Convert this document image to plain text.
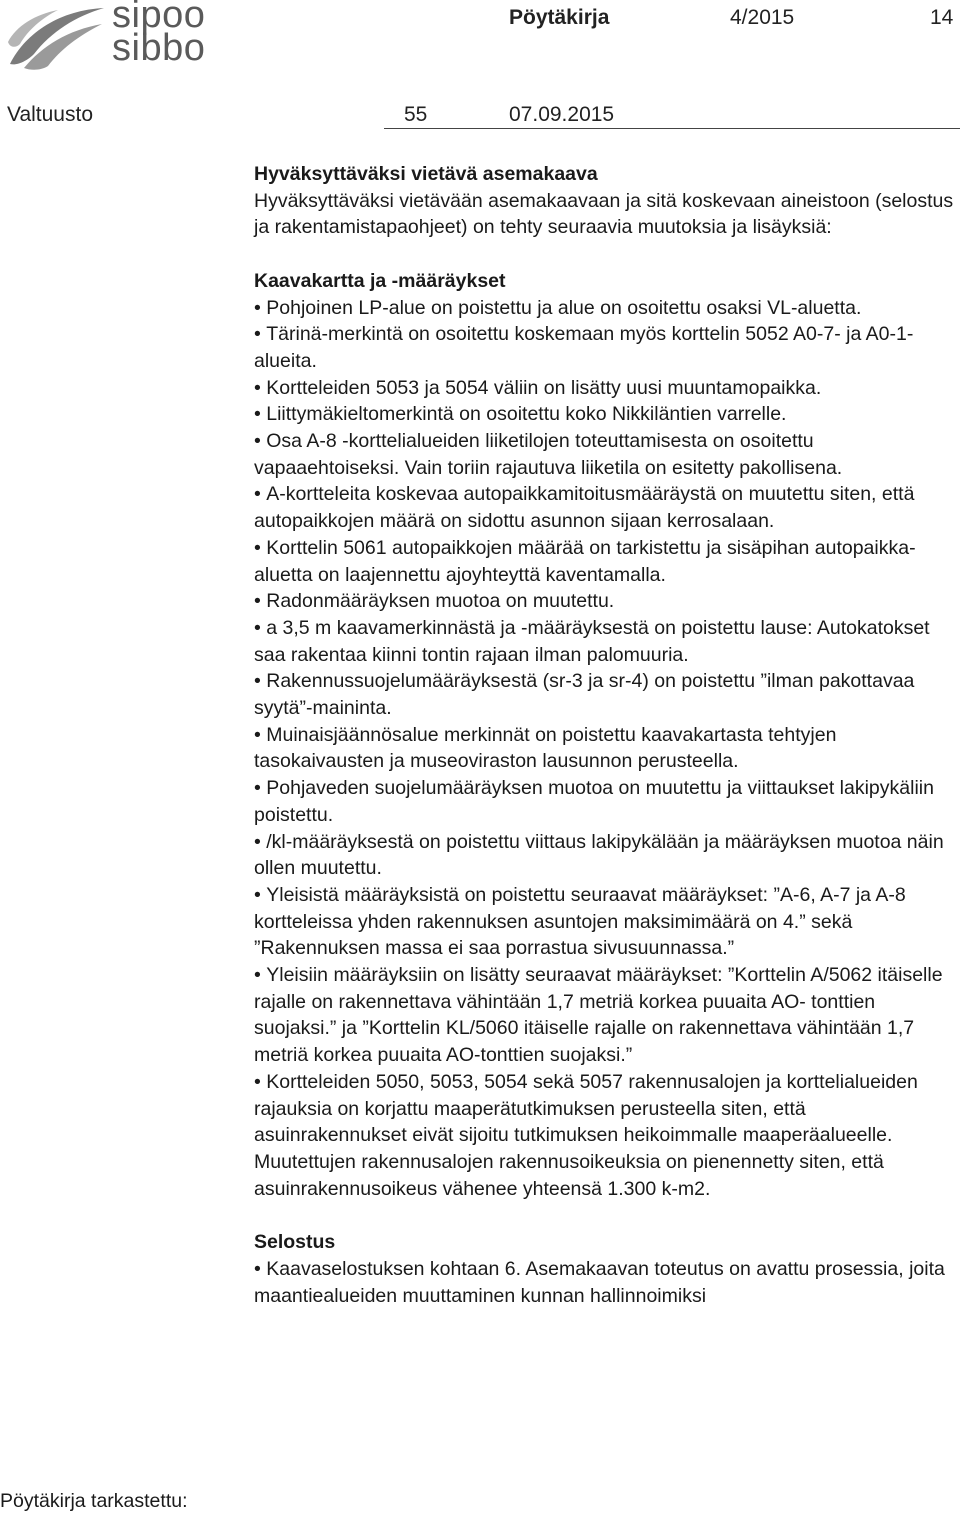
sipoo
sibbo
Pöytäkirja	4/2015	14
Valtuusto	55	07.09.2015

Hyväksyttäväksi vietävä asemakaava

Hyväksyttäväksi vietävään asemakaavaan ja sitä koskevaan aineistoon (selostus ja rakentamistapaohjeet) on tehty seuraavia muutoksia ja lisäyksiä:

Kaavakartta ja -määräykset

• Pohjoinen LP-alue on poistettu ja alue on osoitettu osaksi VL-aluetta.

• Tärinä-merkintä on osoitettu koskemaan myös korttelin 5052 A0-7- ja A0-1-alueita.

• Kortteleiden 5053 ja 5054 väliin on lisätty uusi muuntamopaikka.

• Liittymäkieltomerkintä on osoitettu koko Nikkiläntien varrelle.

• Osa A-8 -korttelialueiden liiketilojen toteuttamisesta on osoitettu vapaaehtoiseksi. Vain toriin rajautuva liiketila on esitetty pakollisena.

• A-kortteleita koskevaa autopaikkamitoitusmääräystä on muutettu siten, että autopaikkojen määrä on sidottu asunnon sijaan kerrosalaan.

• Korttelin 5061 autopaikkojen määrää on tarkistettu ja sisäpihan autopaikka-aluetta on laajennettu ajoyhteyttä kaventamalla.

• Radonmääräyksen muotoa on muutettu.

• a 3,5 m kaavamerkinnästä ja -määräyksestä on poistettu lause: Autokatokset saa rakentaa kiinni tontin rajaan ilman palomuuria.

• Rakennussuojelumääräyksestä (sr-3 ja sr-4) on poistettu ”ilman pakottavaa syytä”-maininta.

• Muinaisjäännösalue merkinnät on poistettu kaavakartasta tehtyjen tasokaivausten ja museoviraston lausunnon perusteella.

• Pohjaveden suojelumääräyksen muotoa on muutettu ja viittaukset lakipykäliin poistettu.

• /kl-määräyksestä on poistettu viittaus lakipykälään ja määräyksen muotoa näin ollen muutettu.

• Yleisistä määräyksistä on poistettu seuraavat määräykset: ”A-6, A-7 ja A-8 kortteleissa yhden rakennuksen asuntojen maksimimäärä on 4.” sekä ”Rakennuksen massa ei saa porrastua sivusuunnassa.”

• Yleisiin määräyksiin on lisätty seuraavat määräykset: ”Korttelin A/5062 itäiselle rajalle on rakennettava vähintään 1,7 metriä korkea puuaita AO- tonttien suojaksi.” ja ”Korttelin KL/5060 itäiselle rajalle on rakennettava vähintään 1,7 metriä korkea puuaita AO-tonttien suojaksi.”

• Kortteleiden 5050, 5053, 5054 sekä 5057 rakennusalojen ja korttelialueiden rajauksia on korjattu maaperätutkimuksen perusteella siten, että asuinrakennukset eivät sijoitu tutkimuksen heikoimmalle maaperäalueelle. Muutettujen rakennusalojen rakennusoikeuksia on pienennetty siten, että asuinrakennusoikeus vähenee yhteensä 1.300 k-m2.

Selostus

• Kaavaselostuksen kohtaan 6. Asemakaavan toteutus on avattu prosessia, joita maantiealueiden muuttaminen kunnan hallinnoimiksi

Pöytäkirja tarkastettu:
